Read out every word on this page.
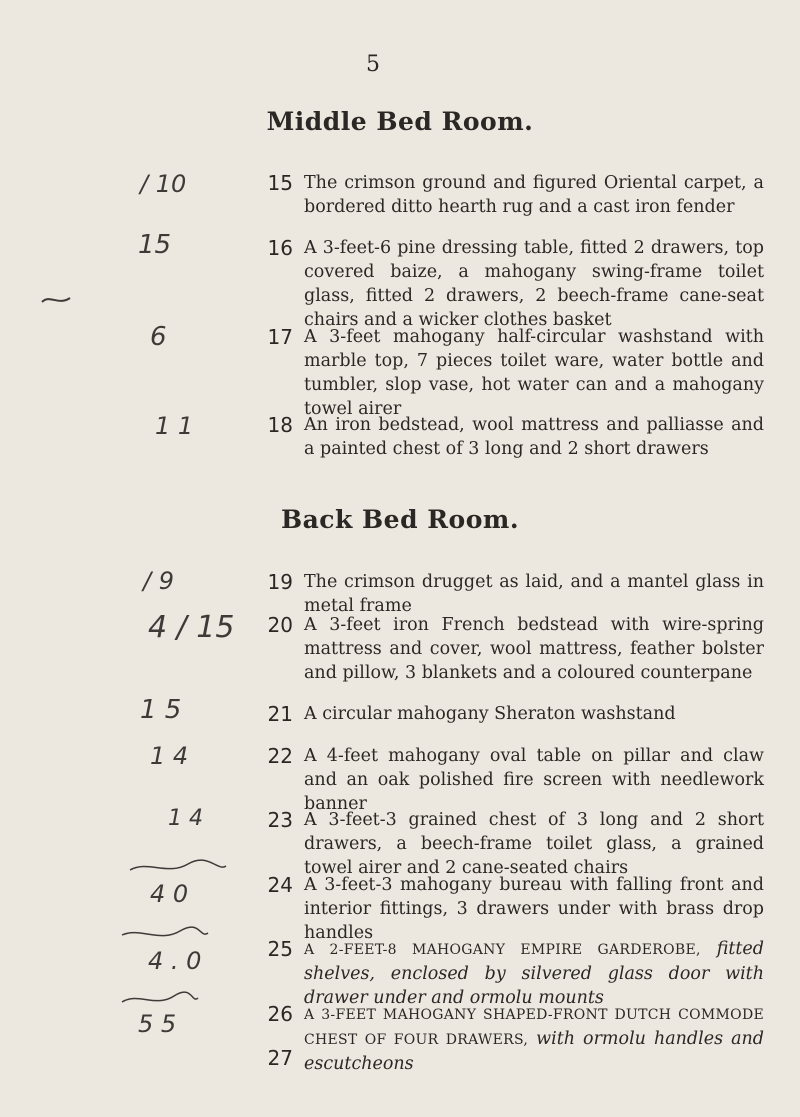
5
Middle Bed Room.
15 The crimson ground and figured Oriental carpet, a bordered ditto hearth rug and a cast iron fender
16 A 3-feet-6 pine dressing table, fitted 2 drawers, top covered baize, a mahogany swing-frame toilet glass, fitted 2 drawers, 2 beech-frame cane-seat chairs and a wicker clothes basket
17 A 3-feet mahogany half-circular washstand with marble top, 7 pieces toilet ware, water bottle and tumbler, slop vase, hot water can and a mahogany towel airer
18 An iron bedstead, wool mattress and palliasse and a painted chest of 3 long and 2 short drawers
Back Bed Room.
19 The crimson drugget as laid, and a mantel glass in metal frame
20 A 3-feet iron French bedstead with wire-spring mattress and cover, wool mattress, feather bolster and pillow, 3 blankets and a coloured counterpane
21 A circular mahogany Sheraton washstand
22 A 4-feet mahogany oval table on pillar and claw and an oak polished fire screen with needlework banner
23 A 3-feet-3 grained chest of 3 long and 2 short drawers, a beech-frame toilet glass, a grained towel airer and 2 cane-seated chairs
24 A 3-feet-3 mahogany bureau with falling front and interior fittings, 3 drawers under with brass drop handles
25 A 2-FEET-8 MAHOGANY EMPIRE GARDEROBE, fitted shelves, enclosed by silvered glass door with drawer under and ormolu mounts
26 A 3-FEET MAHOGANY SHAPED-FRONT DUTCH COMMODE CHEST OF FOUR DRAWERS, with ormolu handles and escutcheons
27
/ 10
15
6
1 1
/ 9
4 / 15
1 5
1 4
1 4
4 0
4 . 0
5 5
